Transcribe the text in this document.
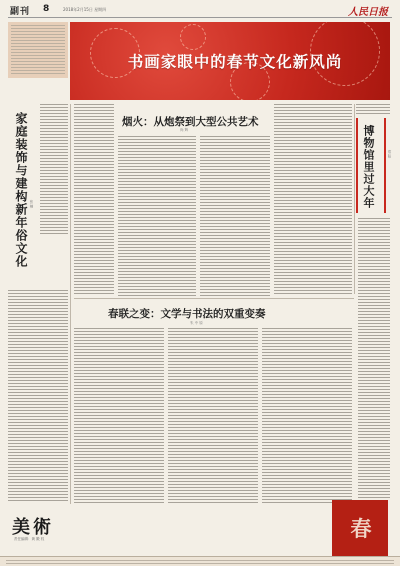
副刊 8	2018年2月15日 星期四	人民日报
书画家眼中的春节文化新风尚
家庭装饰与建构新年俗文化 张 楠
烟火：从炮祭到大型公共艺术
尚 辉	博物馆里过大年	郑 阳
春联之变：文学与书法的双重变奏
朱 中 原
美術
责任编辑：黄 殿 权	春
